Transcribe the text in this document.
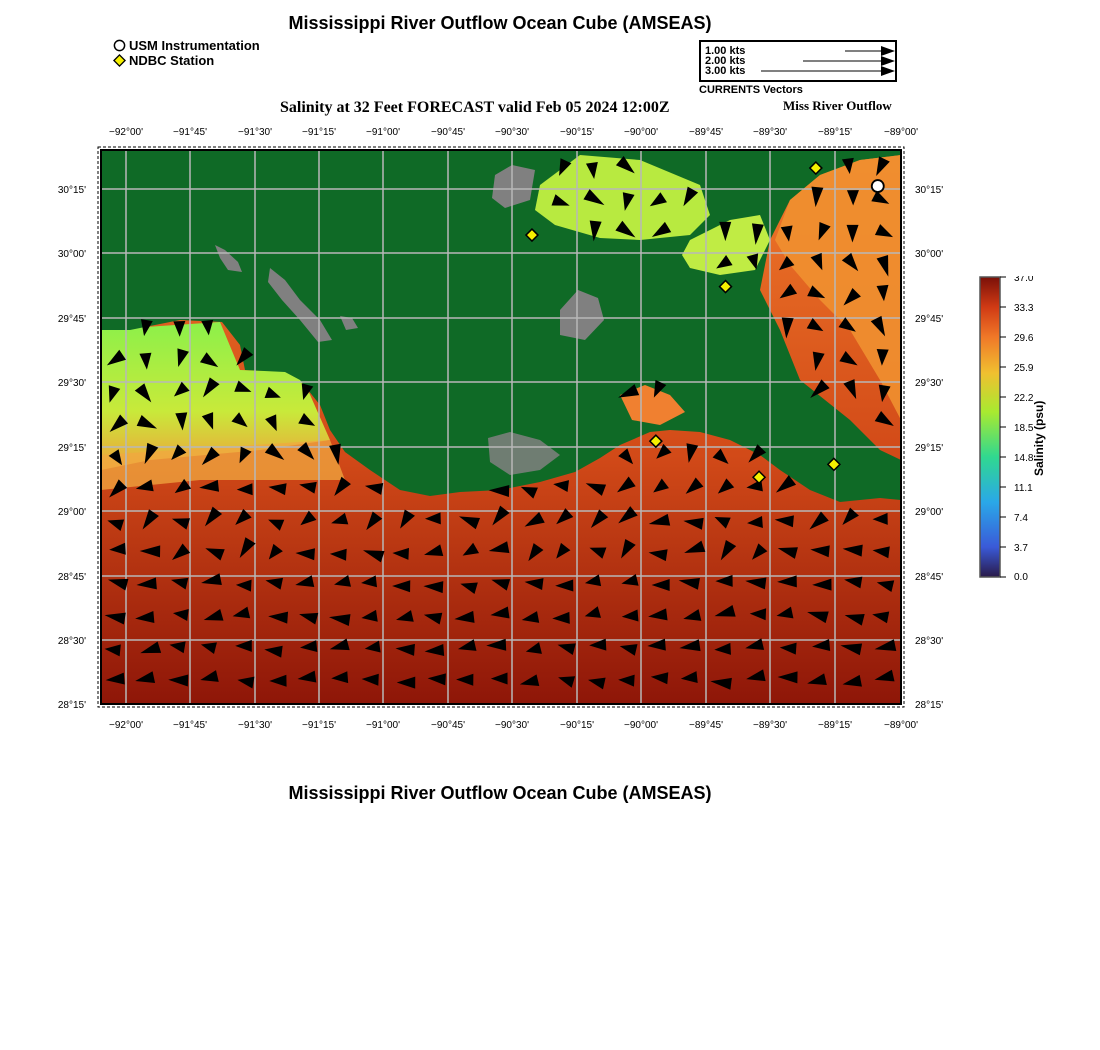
Mississippi River Outflow Ocean Cube (AMSEAS)
USM Instrumentation
NDBC Station
1.00 kts
2.00 kts
3.00 kts
CURRENTS Vectors
Salinity at 32 Feet FORECAST valid Feb 05 2024 12:00Z	Miss River Outflow
−92°00'	−91°45'	−91°30'	−91°15'	−91°00'	−90°45'	−90°30'	−90°15'	−90°00'	−89°45'	−89°30'	−89°15'	−89°00'
−92°00'	−91°45'	−91°30'	−91°15'	−91°00'	−90°45'	−90°30'	−90°15'	−90°00'	−89°45'	−89°30'	−89°15'	−89°00'
30°15'
30°00'
29°45'
29°30'
29°15'
29°00'
28°45'
28°30'
28°15'
30°15'
30°00'
29°45'
29°30'
29°15'
29°00'
28°45'
28°30'
28°15'
37.0
33.3
29.6
25.9
22.2
18.5
14.8
11.1
7.4
3.7
0.0
Salinity (psu)
Mississippi River Outflow Ocean Cube (AMSEAS)
